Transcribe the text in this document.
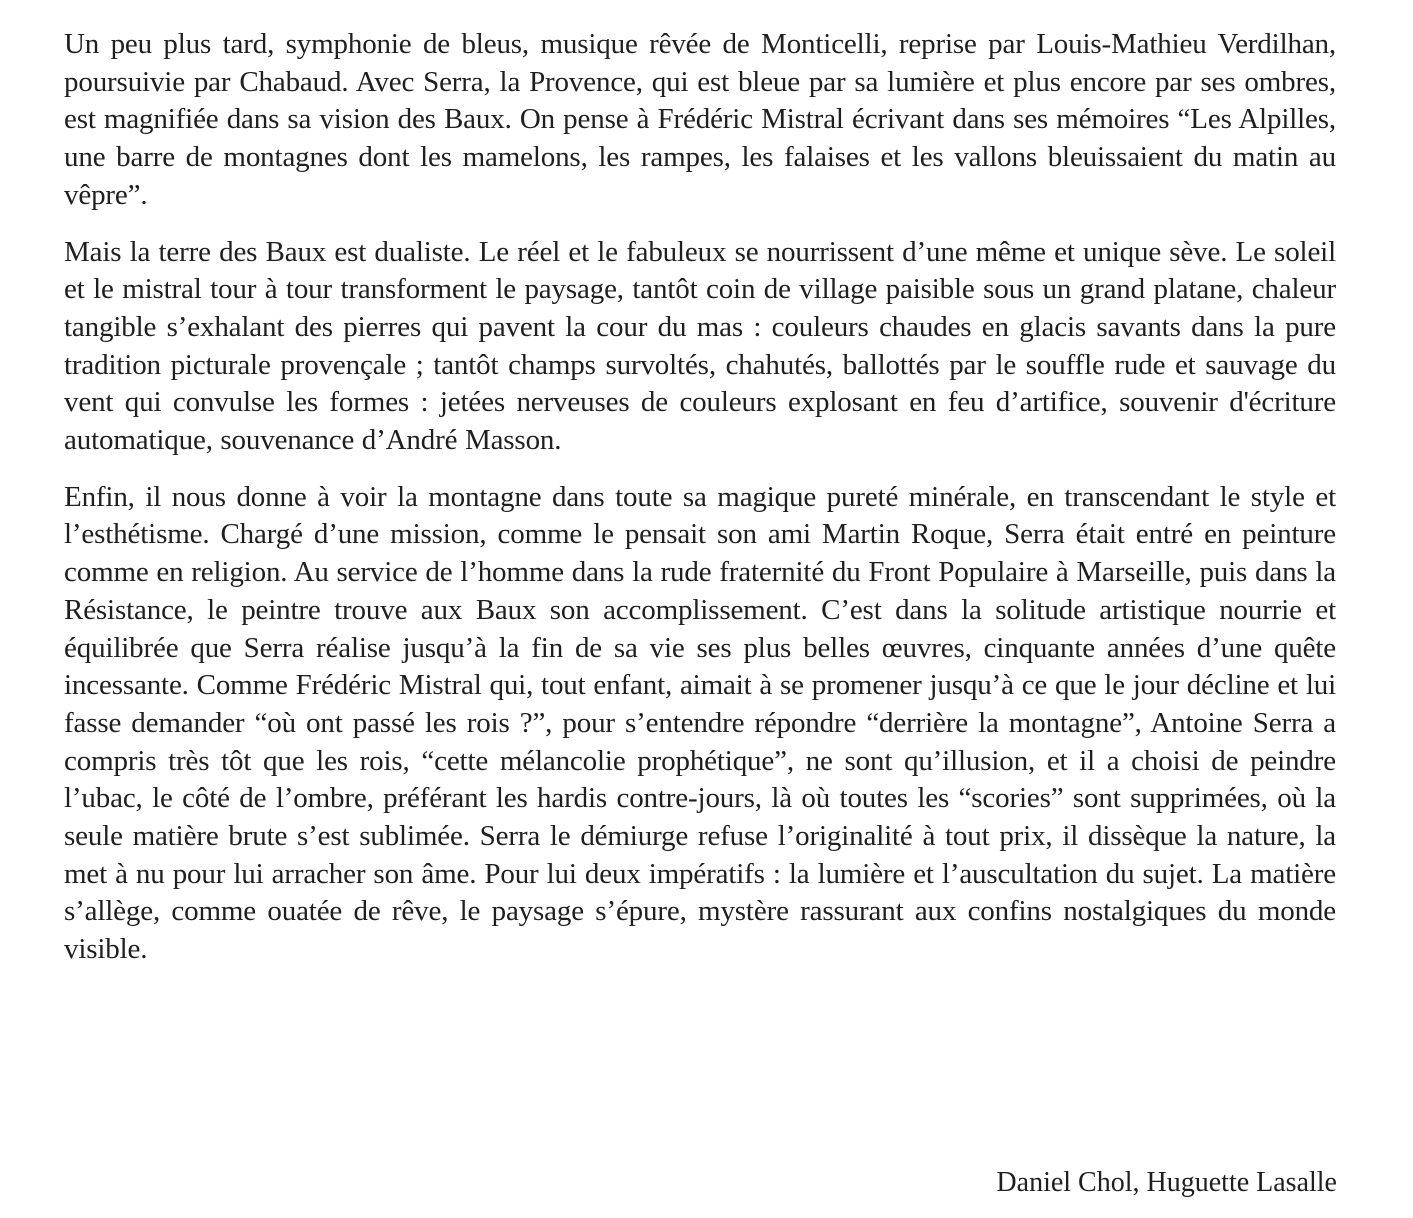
Un peu plus tard, symphonie de bleus, musique rêvée de Monticelli, reprise par Louis-Mathieu Verdilhan, poursuivie par Chabaud. Avec Serra, la Provence, qui est bleue par sa lumière et plus encore par ses ombres, est magnifiée dans sa vision des Baux. On pense à Frédéric Mistral écrivant dans ses mémoires “Les Alpilles, une barre de montagnes dont les mamelons, les rampes, les falaises et les vallons bleuissaient du matin au vêpre”.

Mais la terre des Baux est dualiste. Le réel et le fabuleux se nourrissent d’une même et unique sève. Le soleil et le mistral tour à tour transforment le paysage, tantôt coin de village paisible sous un grand platane, chaleur tangible s’exhalant des pierres qui pavent la cour du mas : couleurs chaudes en glacis savants dans la pure tradition picturale provençale ; tantôt champs survoltés, chahutés, ballottés par le souffle rude et sauvage du vent qui convulse les formes : jetées nerveuses de couleurs explosant en feu d’artifice, souvenir d'écriture automatique, souvenance d’André Masson.

Enfin, il nous donne à voir la montagne dans toute sa magique pureté minérale, en transcendant le style et l’esthétisme. Chargé d’une mission, comme le pensait son ami Martin Roque, Serra était entré en peinture comme en religion. Au service de l’homme dans la rude fraternité du Front Populaire à Marseille, puis dans la Résistance, le peintre trouve aux Baux son accomplissement. C’est dans la solitude artistique nourrie et équilibrée que Serra réalise jusqu’à la fin de sa vie ses plus belles œuvres, cinquante années d’une quête incessante. Comme Frédéric Mistral qui, tout enfant, aimait à se promener jusqu’à ce que le jour décline et lui fasse demander “où ont passé les rois ?”, pour s’entendre répondre “derrière la montagne”, Antoine Serra a compris très tôt que les rois, “cette mélancolie prophétique”, ne sont qu’illusion, et il a choisi de peindre l’ubac, le côté de l’ombre, préférant les hardis contre-jours, là où toutes les “scories” sont supprimées, où la seule matière brute s’est sublimée. Serra le démiurge refuse l’originalité à tout prix, il dissèque la nature, la met à nu pour lui arracher son âme. Pour lui deux impératifs : la lumière et l’auscultation du sujet. La matière s’allège, comme ouatée de rêve, le paysage s’épure, mystère rassurant aux confins nostalgiques du monde visible.

Daniel Chol, Huguette Lasalle
